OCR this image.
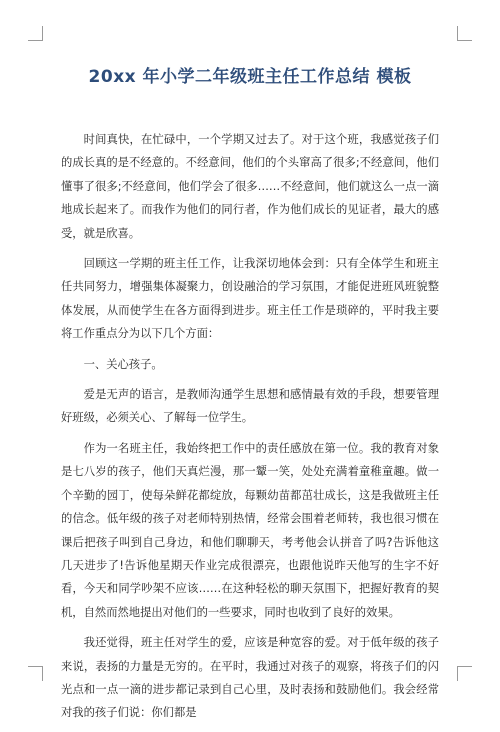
20xx 年小学二年级班主任工作总结 模板

时间真快，在忙碌中，一个学期又过去了。对于这个班，我感觉孩子们的成长真的是不经意的。不经意间，他们的个头窜高了很多;不经意间，他们懂事了很多;不经意间，他们学会了很多……不经意间，他们就这么一点一滴地成长起来了。而我作为他们的同行者，作为他们成长的见证者，最大的感受，就是欣喜。

回顾这一学期的班主任工作，让我深切地体会到：只有全体学生和班主任共同努力，增强集体凝聚力，创设融洽的学习氛围，才能促进班风班貌整体发展，从而使学生在各方面得到进步。班主任工作是琐碎的，平时我主要将工作重点分为以下几个方面：

一、关心孩子。

爱是无声的语言，是教师沟通学生思想和感情最有效的手段，想要管理好班级，必须关心、了解每一位学生。

作为一名班主任，我始终把工作中的责任感放在第一位。我的教育对象是七八岁的孩子，他们天真烂漫，那一颦一笑，处处充满着童稚童趣。做一个辛勤的园丁，使每朵鲜花都绽放，每颗幼苗都茁壮成长，这是我做班主任的信念。低年级的孩子对老师特别热情，经常会围着老师转，我也很习惯在课后把孩子叫到自己身边，和他们聊聊天，考考他会认拼音了吗?告诉他这几天进步了!告诉他星期天作业完成很漂亮，也跟他说昨天他写的生字不好看，今天和同学吵架不应该……在这种轻松的聊天氛围下，把握好教育的契机，自然而然地提出对他们的一些要求，同时也收到了良好的效果。

我还觉得，班主任对学生的爱，应该是种宽容的爱。对于低年级的孩子来说，表扬的力量是无穷的。在平时，我通过对孩子的观察，将孩子们的闪光点和一点一滴的进步都记录到自己心里，及时表扬和鼓励他们。我会经常对我的孩子们说：你们都是
